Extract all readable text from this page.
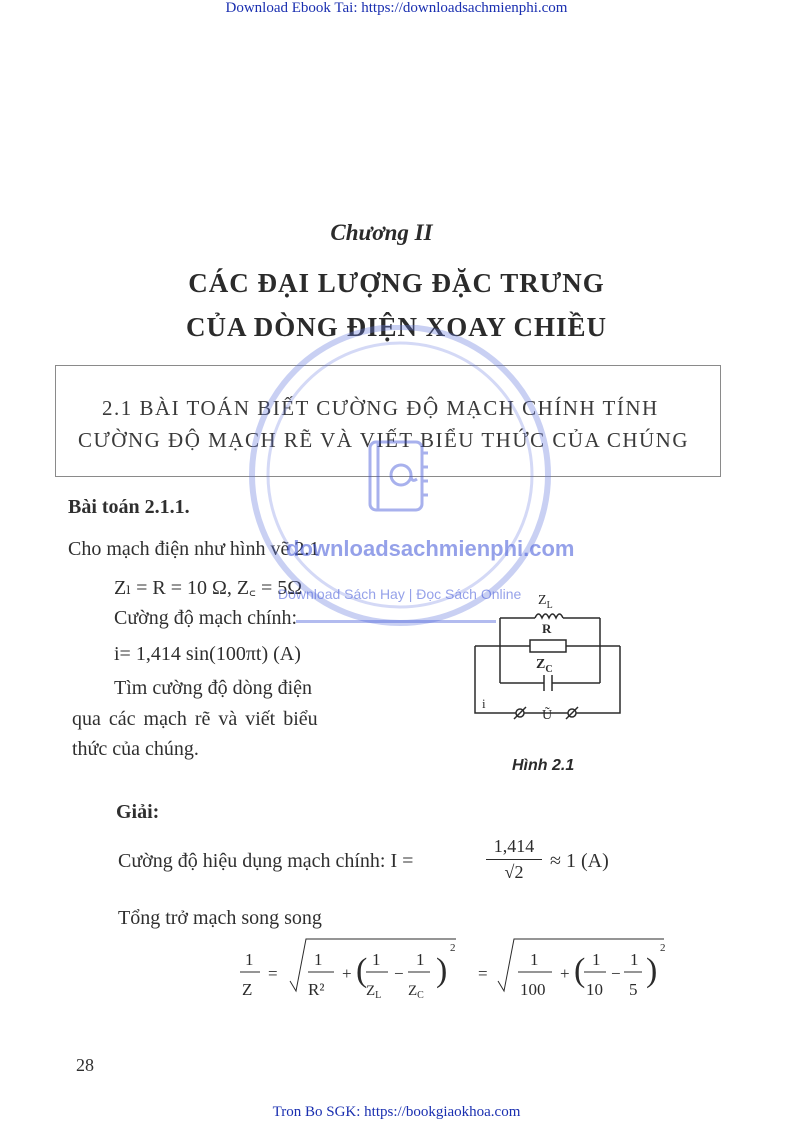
Download Ebook Tai: https://downloadsachmienphi.com
Chương II
CÁC ĐẠI LƯỢNG ĐẶC TRƯNG
CỦA DÒNG ĐIỆN XOAY CHIỀU
2.1 BÀI TOÁN BIẾT CƯỜNG ĐỘ MẠCH CHÍNH TÍNH
CƯỜNG ĐỘ MẠCH RẼ VÀ VIẾT BIỂU THỨC CỦA CHÚNG
Bài toán 2.1.1.
Cho mạch điện như hình vẽ 2.1
Zₗ = R = 10 Ω, Z꜀ = 5Ω
Cường độ mạch chính:
i= 1,414 sin(100πt) (A)
Tìm cường độ dòng điện
qua các mạch rẽ và viết biểu
thức của chúng.
$Z_L$
R
$Z_C$
i
Ũ
Hình 2.1
Giải:
Cường độ hiệu dụng mạch chính: I =	$\frac{1,414}{√2} \approx 1$ (A)
Tổng trở mạch song song
1
Z
=
1
R²
+ ( 1
$Z_L$
−
1
$Z_C$
)
2
=
1
100
+ ( 1
10
−
1
5
)
2
28
Tron Bo SGK: https://bookgiaokhoa.com
downloadsachmienphi.com
Download Sách Hay | Đọc Sách Online
